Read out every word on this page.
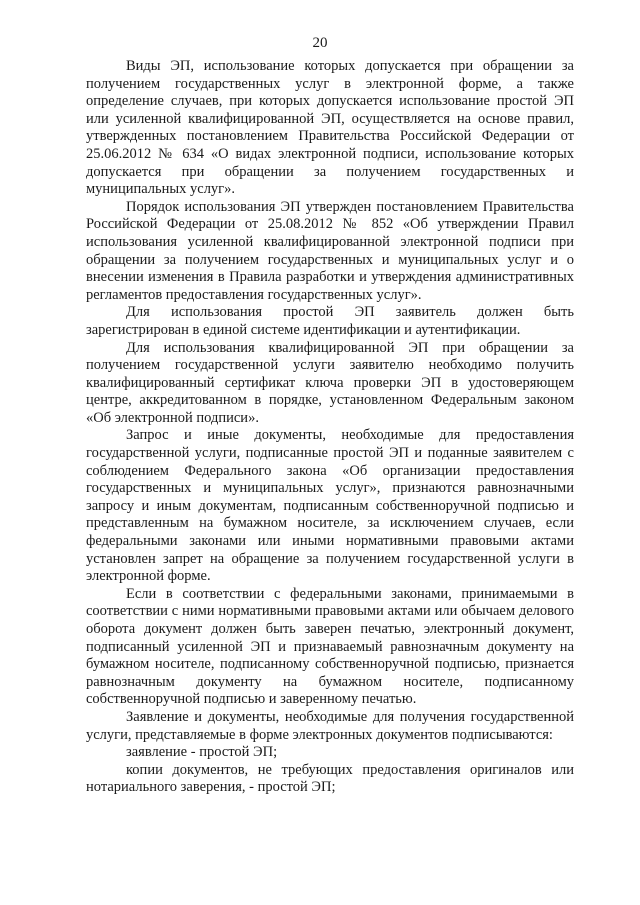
20

Виды ЭП, использование которых допускается при обращении за получением государственных услуг в электронной форме, а также определение случаев, при которых допускается использование простой ЭП или усиленной квалифицированной ЭП, осуществляется на основе правил, утвержденных постановлением Правительства Российской Федерации от 25.06.2012 № 634 «О видах электронной подписи, использование которых допускается при обращении за получением государственных и муниципальных услуг».

Порядок использования ЭП утвержден постановлением Правительства Российской Федерации от 25.08.2012 № 852 «Об утверждении Правил использования усиленной квалифицированной электронной подписи при обращении за получением государственных и муниципальных услуг и о внесении изменения в Правила разработки и утверждения административных регламентов предоставления государственных услуг».

Для использования простой ЭП заявитель должен быть зарегистрирован в единой системе идентификации и аутентификации.

Для использования квалифицированной ЭП при обращении за получением государственной услуги заявителю необходимо получить квалифицированный сертификат ключа проверки ЭП в удостоверяющем центре, аккредитованном в порядке, установленном Федеральным законом «Об электронной подписи».

Запрос и иные документы, необходимые для предоставления государственной услуги, подписанные простой ЭП и поданные заявителем с соблюдением Федерального закона «Об организации предоставления государственных и муниципальных услуг», признаются равнозначными запросу и иным документам, подписанным собственноручной подписью и представленным на бумажном носителе, за исключением случаев, если федеральными законами или иными нормативными правовыми актами установлен запрет на обращение за получением государственной услуги в электронной форме.

Если в соответствии с федеральными законами, принимаемыми в соответствии с ними нормативными правовыми актами или обычаем делового оборота документ должен быть заверен печатью, электронный документ, подписанный усиленной ЭП и признаваемый равнозначным документу на бумажном носителе, подписанному собственноручной подписью, признается равнозначным документу на бумажном носителе, подписанному собственноручной подписью и заверенному печатью.

Заявление и документы, необходимые для получения государственной услуги, представляемые в форме электронных документов подписываются:

заявление - простой ЭП;

копии документов, не требующих предоставления оригиналов или нотариального заверения, - простой ЭП;
